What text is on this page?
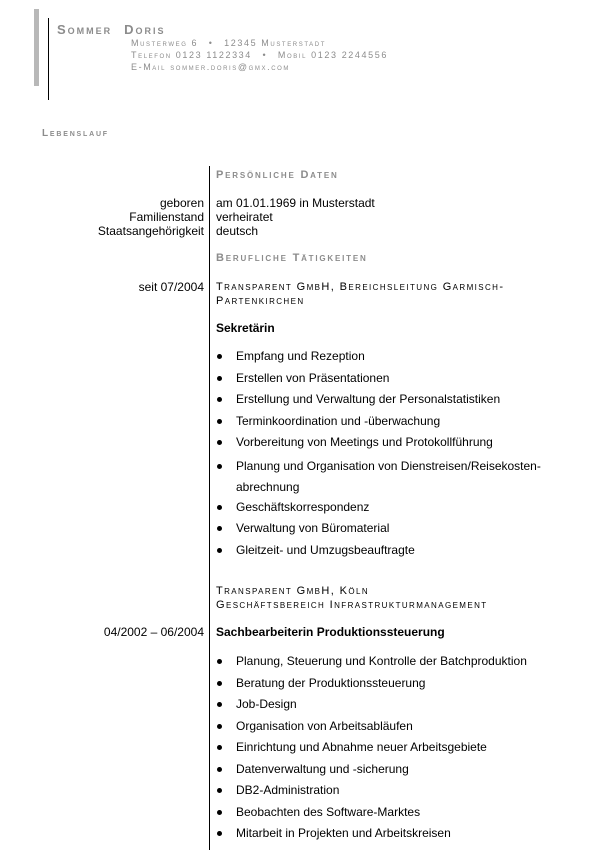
Sommer Doris
Musterweg 6 • 12345 Musterstadt
Telefon 0123 1122334 • Mobil 0123 2244556
E-Mail sommer.doris@gmx.com
Lebenslauf
Persönliche Daten
geboren am 01.01.1969 in Musterstadt
Familienstand verheiratet
Staatsangehörigkeit deutsch
Berufliche Tätigkeiten
seit 07/2004 Transparent GmbH, Bereichsleitung Garmisch-
Partenkirchen
Sekretärin
Empfang und Rezeption
Erstellen von Präsentationen
Erstellung und Verwaltung der Personalstatistiken
Terminkoordination und -überwachung
Vorbereitung von Meetings und Protokollführung
Planung und Organisation von Dienstreisen/Reisekosten-abrechnung
Geschäftskorrespondenz
Verwaltung von Büromaterial
Gleitzeit- und Umzugsbeauftragte
Transparent GmbH, Köln
Geschäftsbereich Infrastrukturmanagement
04/2002 – 06/2004 Sachbearbeiterin Produktionssteuerung
Planung, Steuerung und Kontrolle der Batchproduktion
Beratung der Produktionssteuerung
Job-Design
Organisation von Arbeitsabläufen
Einrichtung und Abnahme neuer Arbeitsgebiete
Datenverwaltung und -sicherung
DB2-Administration
Beobachten des Software-Marktes
Mitarbeit in Projekten und Arbeitskreisen
